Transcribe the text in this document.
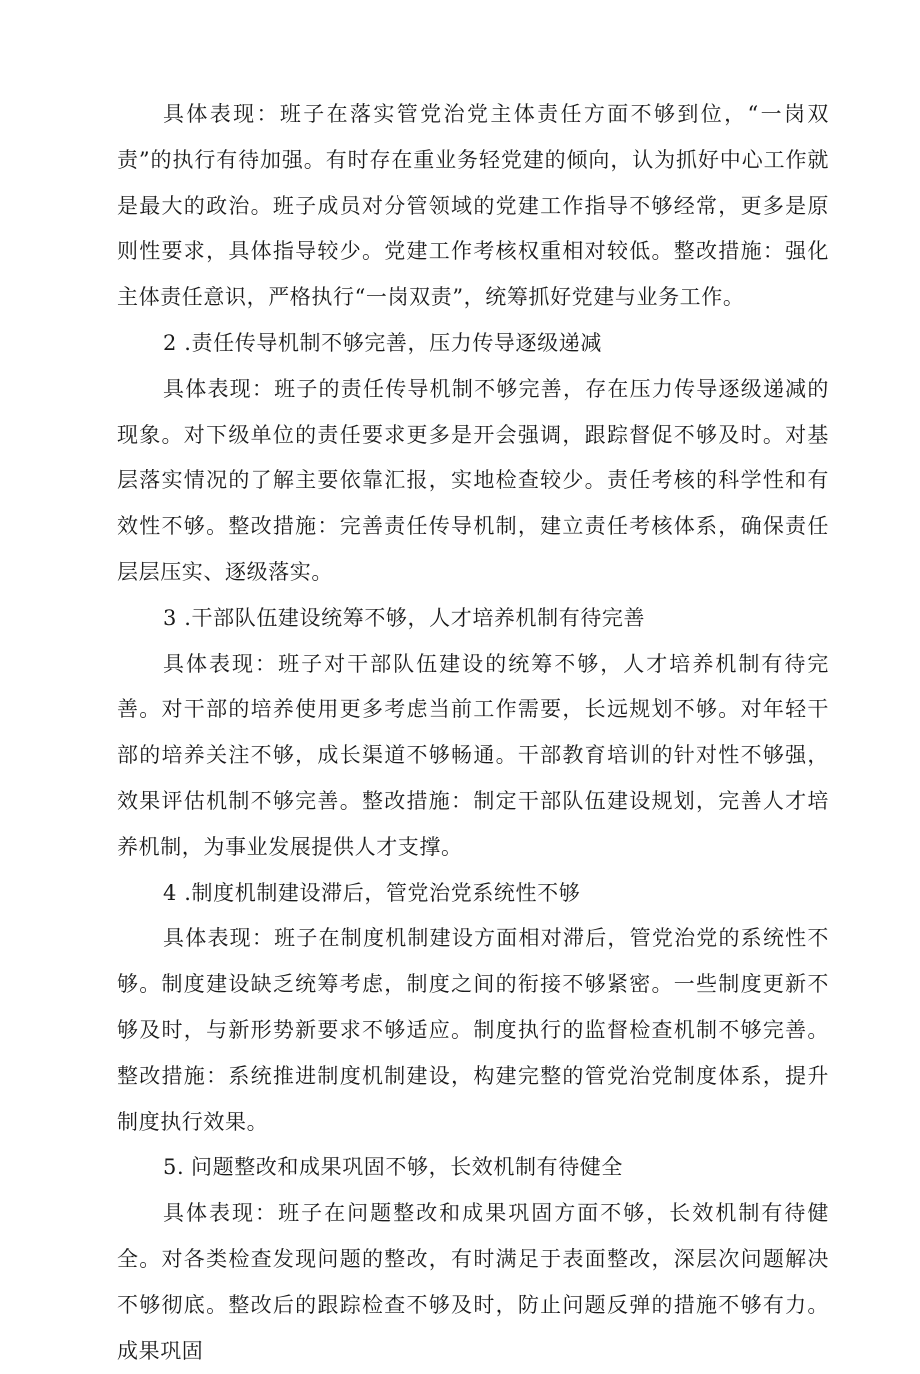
具体表现：班子在落实管党治党主体责任方面不够到位，“一岗双责”的执行有待加强。有时存在重业务轻党建的倾向，认为抓好中心工作就是最大的政治。班子成员对分管领域的党建工作指导不够经常，更多是原则性要求，具体指导较少。党建工作考核权重相对较低。整改措施：强化主体责任意识，严格执行“一岗双责”，统筹抓好党建与业务工作。

2 .责任传导机制不够完善，压力传导逐级递减

具体表现：班子的责任传导机制不够完善，存在压力传导逐级递减的现象。对下级单位的责任要求更多是开会强调，跟踪督促不够及时。对基层落实情况的了解主要依靠汇报，实地检查较少。责任考核的科学性和有效性不够。整改措施：完善责任传导机制，建立责任考核体系，确保责任层层压实、逐级落实。

3 .干部队伍建设统筹不够，人才培养机制有待完善

具体表现：班子对干部队伍建设的统筹不够，人才培养机制有待完善。对干部的培养使用更多考虑当前工作需要，长远规划不够。对年轻干部的培养关注不够，成长渠道不够畅通。干部教育培训的针对性不够强，效果评估机制不够完善。整改措施：制定干部队伍建设规划，完善人才培养机制，为事业发展提供人才支撑。

4 .制度机制建设滞后，管党治党系统性不够

具体表现：班子在制度机制建设方面相对滞后，管党治党的系统性不够。制度建设缺乏统筹考虑，制度之间的衔接不够紧密。一些制度更新不够及时，与新形势新要求不够适应。制度执行的监督检查机制不够完善。整改措施：系统推进制度机制建设，构建完整的管党治党制度体系，提升制度执行效果。

5. 问题整改和成果巩固不够，长效机制有待健全

具体表现：班子在问题整改和成果巩固方面不够，长效机制有待健全。对各类检查发现问题的整改，有时满足于表面整改，深层次问题解决不够彻底。整改后的跟踪检查不够及时，防止问题反弹的措施不够有力。成果巩固
